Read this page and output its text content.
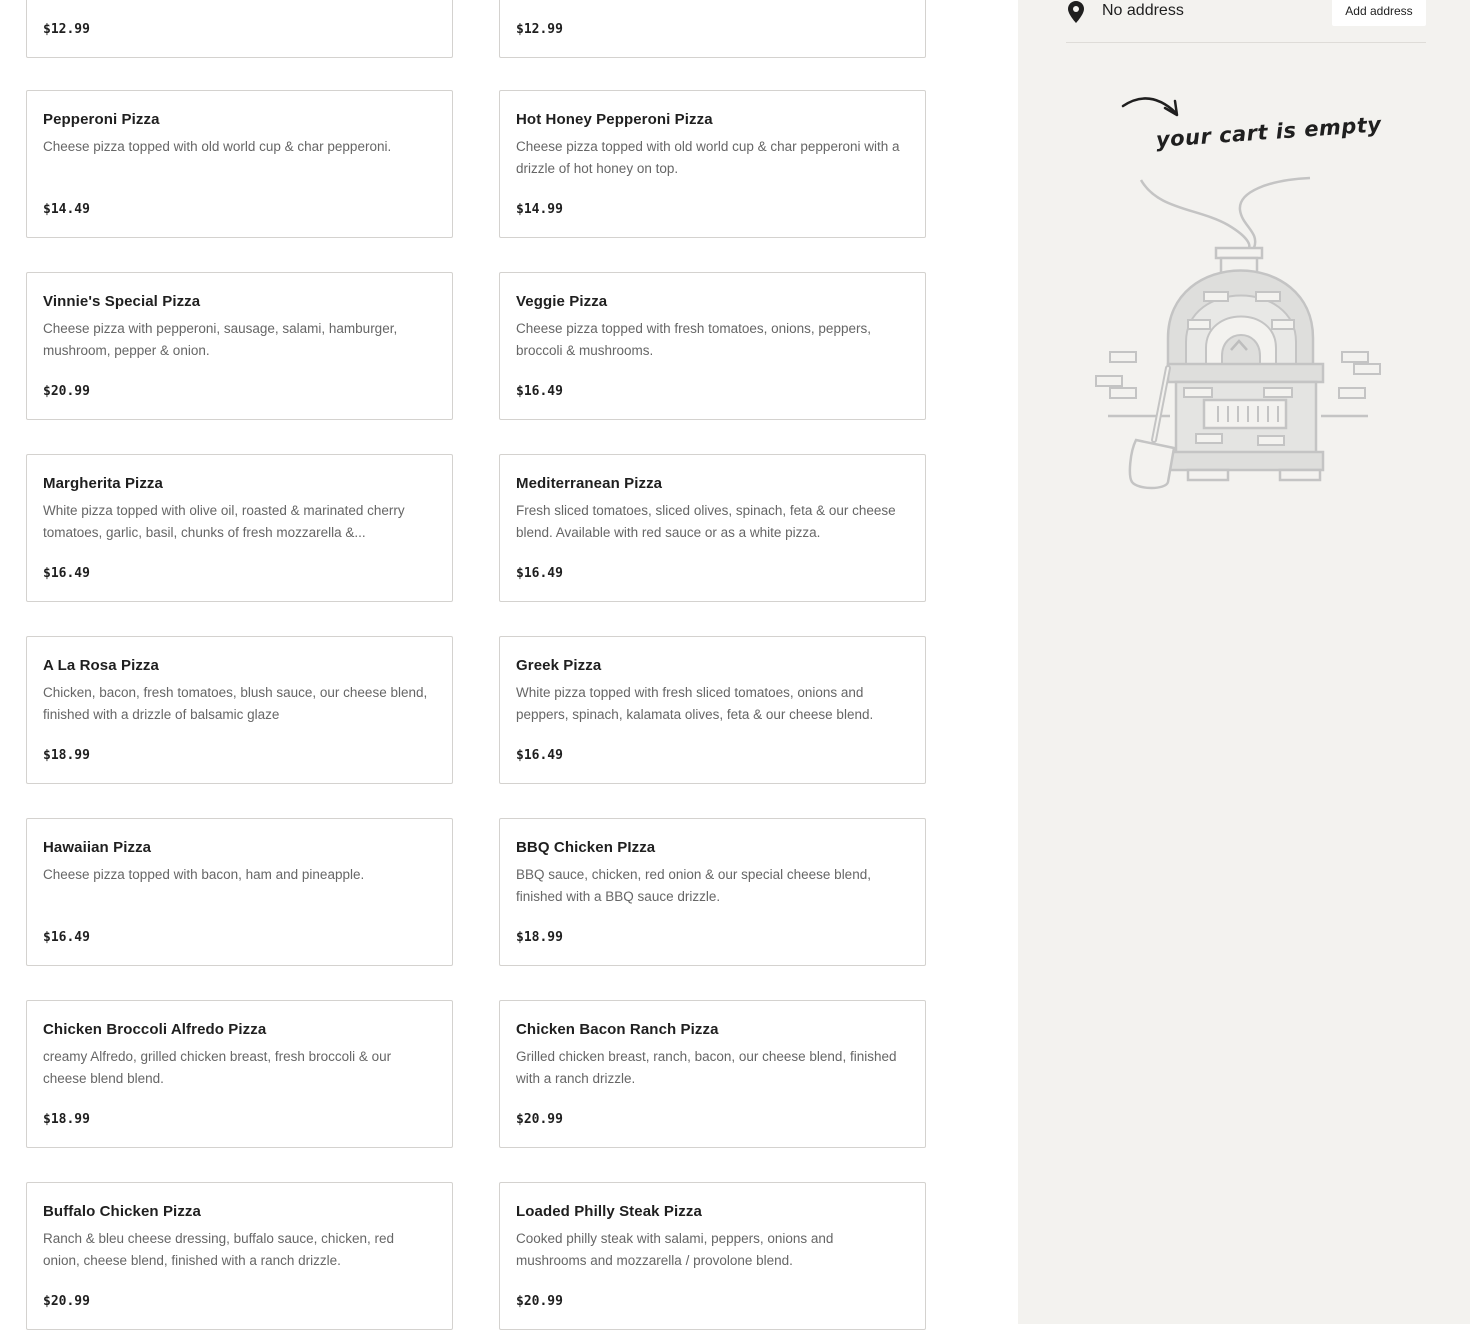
$12.99	$12.99
Pepperoni Pizza
Cheese pizza topped with old world cup & char pepperoni.
$14.49
Hot Honey Pepperoni Pizza
Cheese pizza topped with old world cup & char pepperoni with a drizzle of hot honey on top.
$14.99
Vinnie's Special Pizza
Cheese pizza with pepperoni, sausage, salami, hamburger, mushroom, pepper & onion.
$20.99
Veggie Pizza
Cheese pizza topped with fresh tomatoes, onions, peppers, broccoli & mushrooms.
$16.49
Margherita Pizza
White pizza topped with olive oil, roasted & marinated cherry tomatoes, garlic, basil, chunks of fresh mozzarella &...
$16.49
Mediterranean Pizza
Fresh sliced tomatoes, sliced olives, spinach, feta & our cheese blend. Available with red sauce or as a white pizza.
$16.49
A La Rosa Pizza
Chicken, bacon, fresh tomatoes, blush sauce, our cheese blend, finished with a drizzle of balsamic glaze
$18.99
Greek Pizza
White pizza topped with fresh sliced tomatoes, onions and peppers, spinach, kalamata olives, feta & our cheese blend.
$16.49
Hawaiian Pizza
Cheese pizza topped with bacon, ham and pineapple.
$16.49
BBQ Chicken PIzza
BBQ sauce, chicken, red onion & our special cheese blend, finished with a BBQ sauce drizzle.
$18.99
Chicken Broccoli Alfredo Pizza
creamy Alfredo, grilled chicken breast, fresh broccoli & our cheese blend blend.
$18.99
Chicken Bacon Ranch Pizza
Grilled chicken breast, ranch, bacon, our cheese blend, finished with a ranch drizzle.
$20.99
Buffalo Chicken Pizza
Ranch & bleu cheese dressing, buffalo sauce, chicken, red onion, cheese blend, finished with a ranch drizzle.
$20.99
Loaded Philly Steak Pizza
Cooked philly steak with salami, peppers, onions and mushrooms and mozzarella / provolone blend.
$20.99
No address	Add address
your cart is empty
